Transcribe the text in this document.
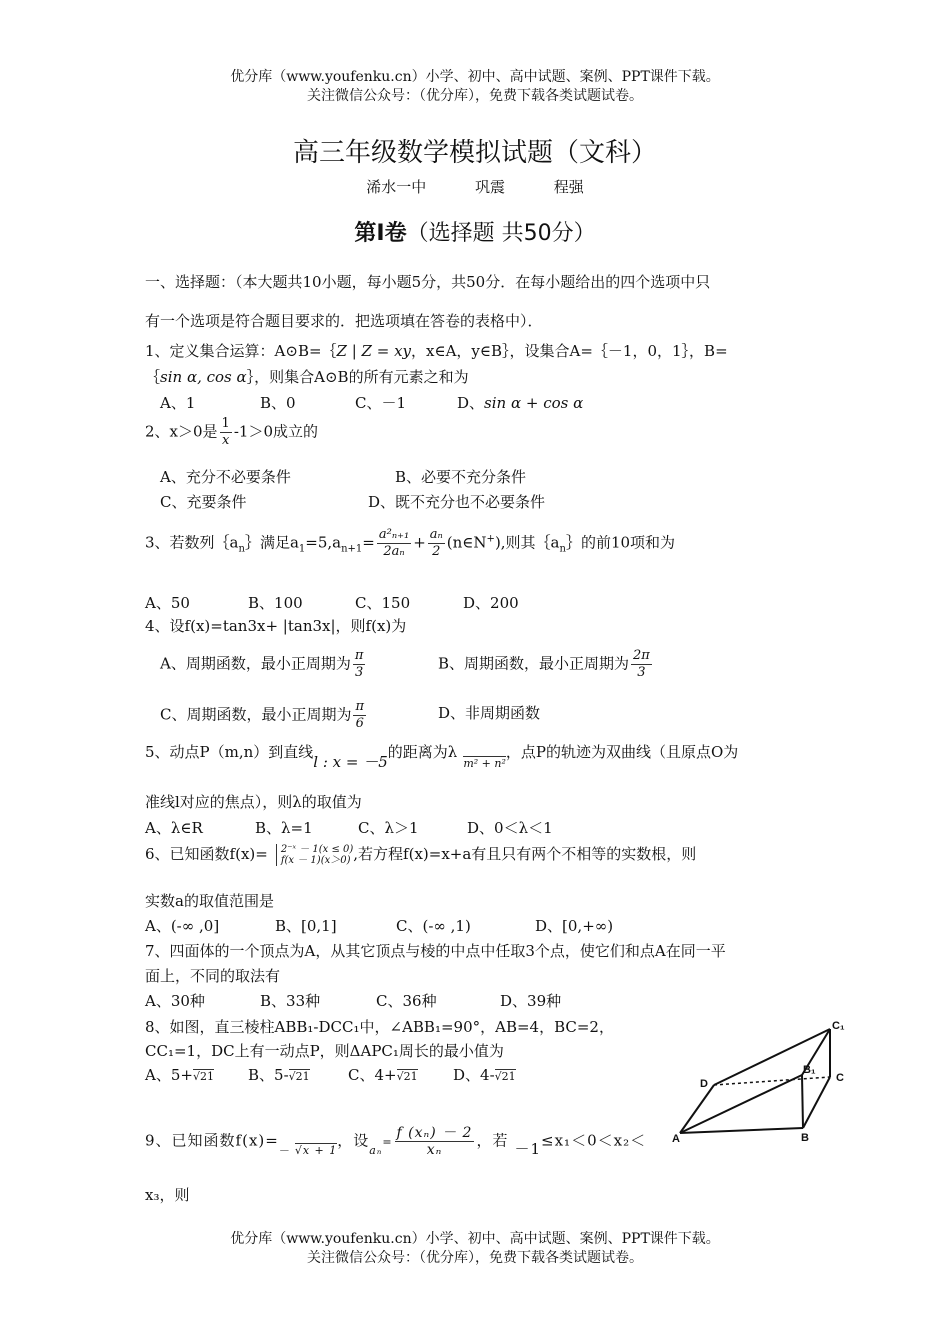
优分库（www.youfenku.cn）小学、初中、高中试题、案例、PPT课件下载。
关注微信公众号：（优分库），免费下载各类试题试卷。
高三年级数学模拟试题（文科）
浠水一中	巩震	程强
第Ⅰ卷（选择题 共50分）
一、选择题：（本大题共10小题，每小题5分，共50分．在每小题给出的四个选项中只
有一个选项是符合题目要求的．把选项填在答卷的表格中）．
1、定义集合运算：A⊙B=｛Z | Z = xy，x∈A，y∈B｝，设集合A=｛－1，0，1｝，B=
｛sin α, cos α｝，则集合A⊙B的所有元素之和为
A、1	B、0	C、－1	D、sin α + cos α
2、x＞0是 $\frac{1}{x} -1>0$成立的
A、充分不必要条件	B、必要不充分条件
C、充要条件	D、既不充分也不必要条件
3、若数列$\{a_n\}$满足$a_1=5,a_{n+1}= \frac{\text{a²ₙ₊₁}}{\text{2aₙ}} + \frac{\text{aₙ}}{2}$ (n∈N+),则其$\{a_n\}$的前10项和为
A、50	B、100	C、150	D、200
4、设f(x)=tan3x+ |tan3x|，则f(x)为
A、周期函数，最小正周期为 $\frac{\pi}{3}$	B、周期函数，最小正周期为 $\frac{2\pi}{3}$
C、周期函数，最小正周期为 $\frac{\pi}{6}$	D、非周期函数
5、动点P（m,n）到直线l : x = －5的距离为$\lambda_{m^2 + n^2}$，点P的轨迹为双曲线（且原点O为
准线l对应的焦点），则λ的取值为
A、λ∈R	B、λ=1	C、λ＞1	D、0＜λ＜1
6、已知函数f(x)= 2⁻ˣ － 1(x ≤ 0)
f(x － 1)(x＞0) ,若方程f(x)=x+a有且只有两个不相等的实数根，则
实数a的取值范围是
A、(-∞ ,0]	B、[0,1]	C、(-∞ ,1)	D、[0,+∞)
7、四面体的一个顶点为A，从其它顶点与棱的中点中任取3个点，使它们和点A在同一平
面上，不同的取法有
A、30种	B、33种	C、36种	D、39种
8、如图，直三棱柱ABB₁-DCC₁中，∠ABB₁=90°，AB=4，BC=2，
CC₁=1，DC上有一动点P，则ΔAPC₁周长的最小值为
A、5+√21 B、5-√21	C、4+√21 D、4-√21
C₁
D
B₁
C
A	B
9、已知函数$f(x)=_-$ $_{√x + 1}$，设$_{a_n}= \frac{\text{f (xₙ) － 2}}{\text{xₙ}}$ ，若 －1≤x₁＜0＜x₂＜
x₃，则
优分库（www.youfenku.cn）小学、初中、高中试题、案例、PPT课件下载。
关注微信公众号：（优分库），免费下载各类试题试卷。
